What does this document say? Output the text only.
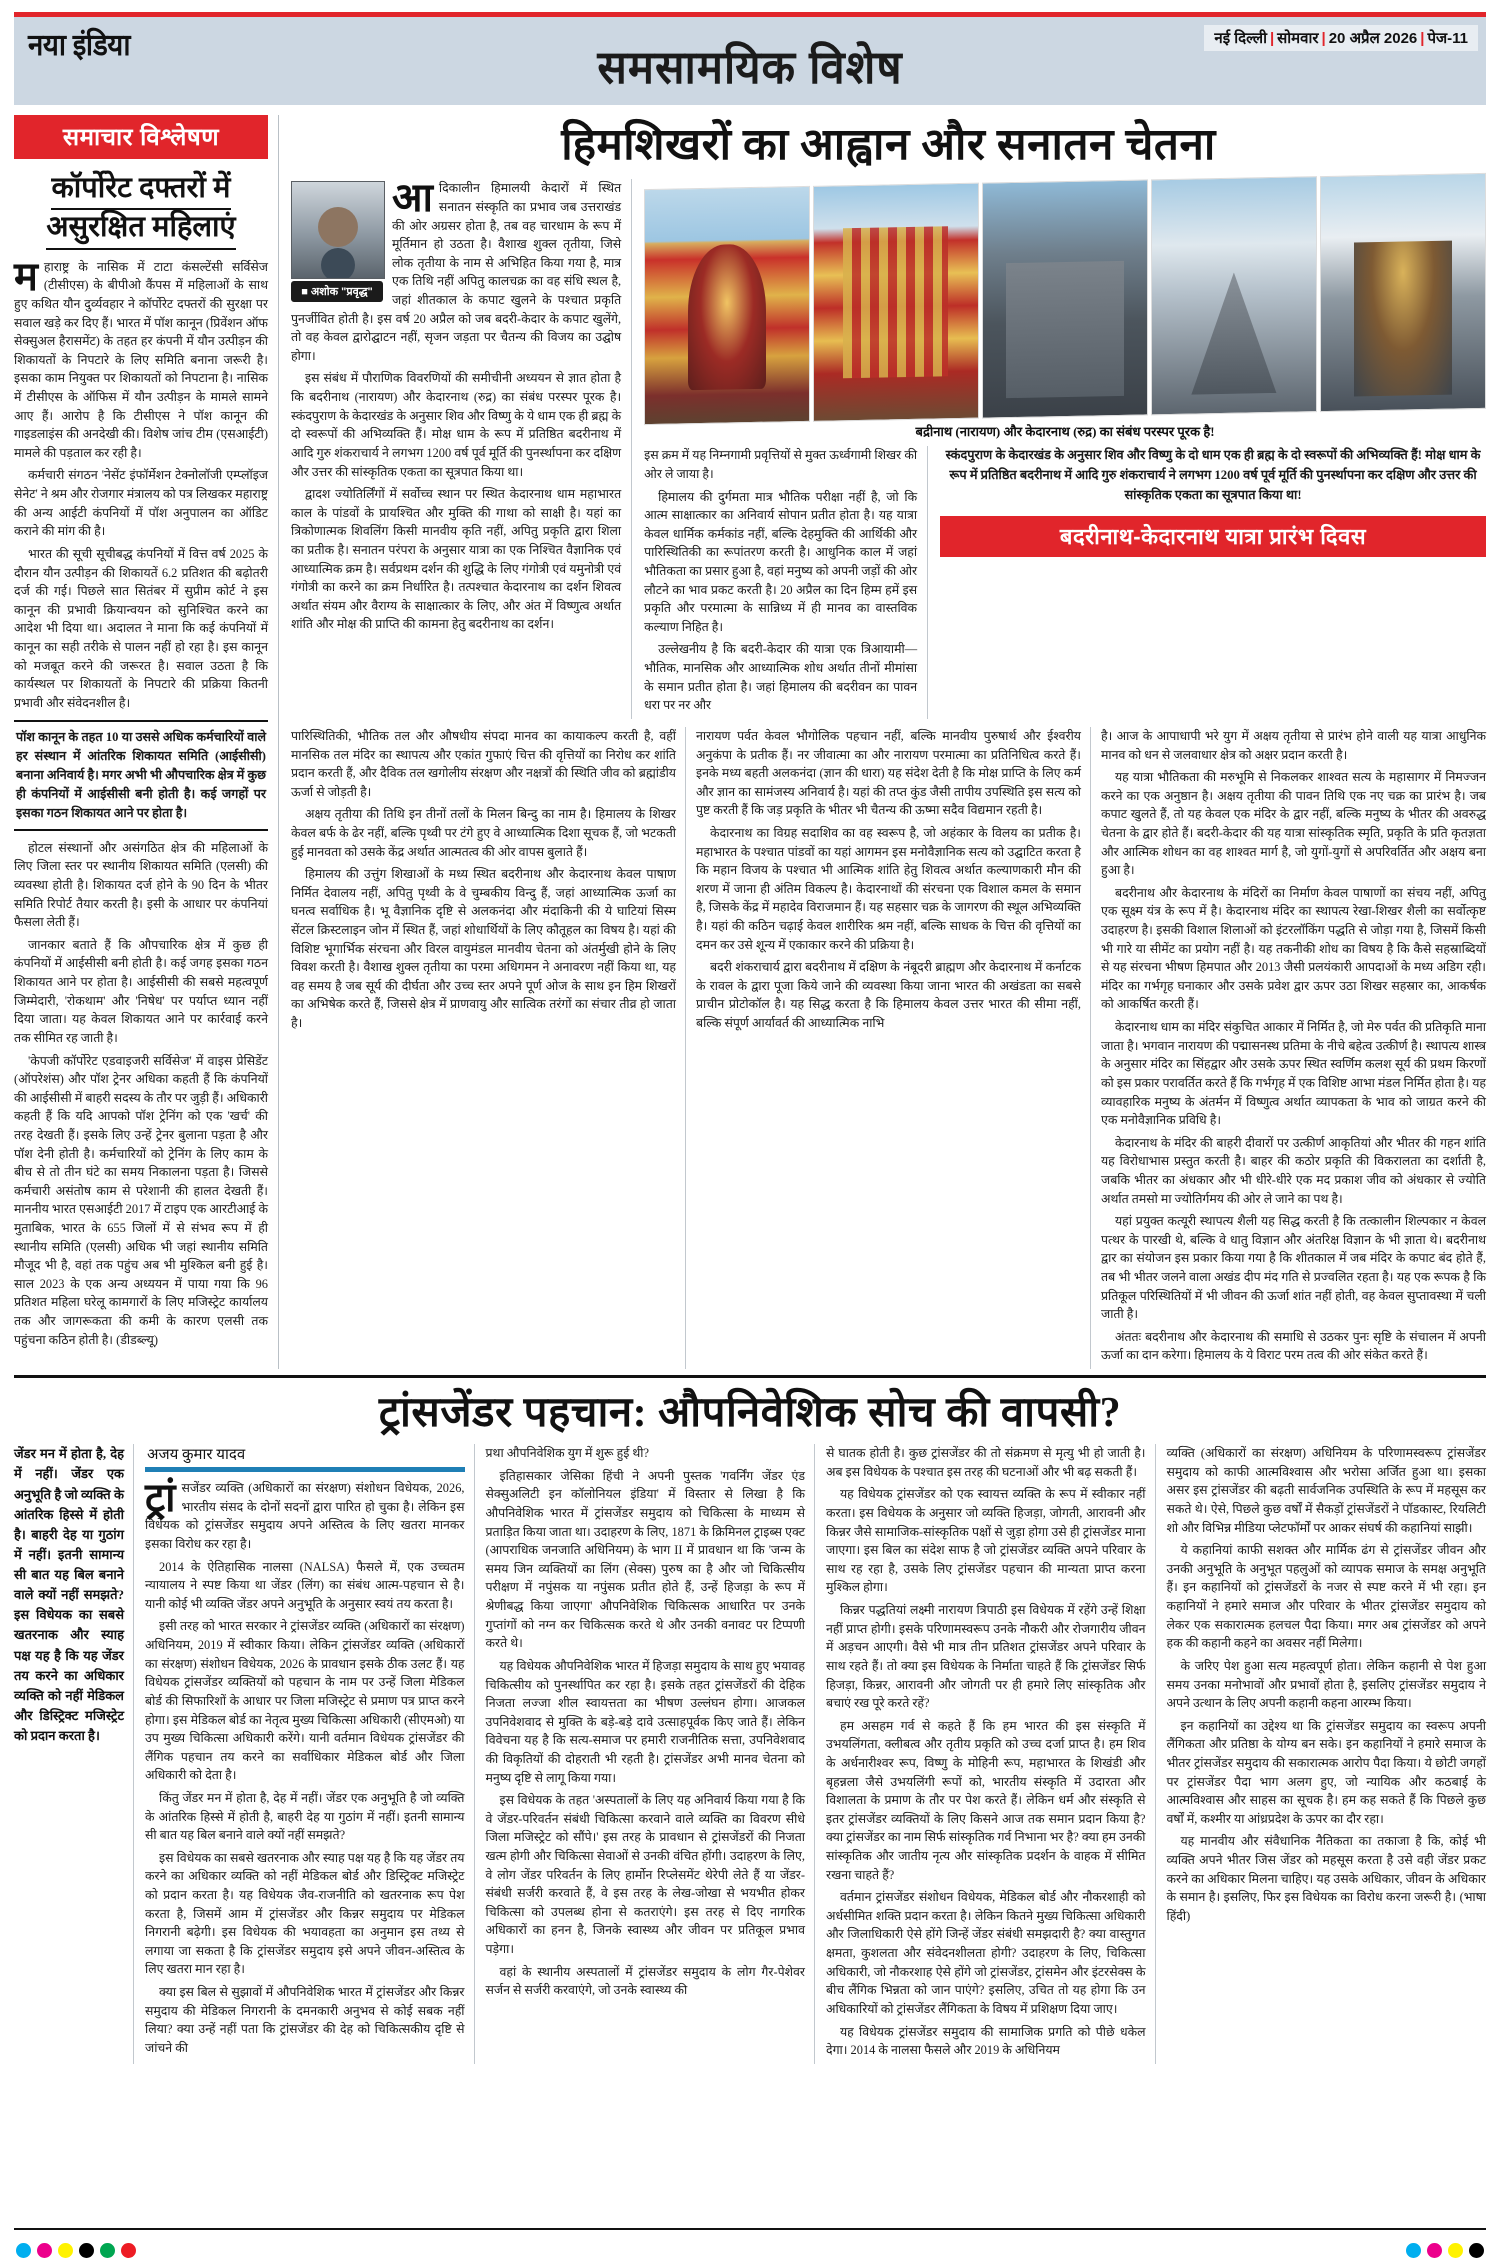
नया इंडिया	नई दिल्ली | सोमवार | 20 अप्रैल 2026 | पेज-11
समसामयिक विशेष
समाचार विश्लेषण
कॉर्पोरेट दफ्तरों में
असुरक्षित महिलाएं

महाराष्ट्र के नासिक में टाटा कंसल्टेंसी सर्विसेज (टीसीएस) के बीपीओ कैंपस में महिलाओं के साथ हुए कथित यौन दुर्व्यवहार ने कॉर्पोरेट दफ्तरों की सुरक्षा पर सवाल खड़े कर दिए हैं। भारत में पॉश कानून (प्रिवेंशन ऑफ सेक्सुअल हैरासमेंट) के तहत हर कंपनी में यौन उत्पीड़न की शिकायतों के निपटारे के लिए समिति बनाना जरूरी है। इसका काम नियुक्त पर शिकायतों को निपटाना है। नासिक में टीसीएस के ऑफिस में यौन उत्पीड़न के मामले सामने आए हैं। आरोप है कि टीसीएस ने पॉश कानून की गाइडलाइंस की अनदेखी की। विशेष जांच टीम (एसआईटी) मामले की पड़ताल कर रही है।

कर्मचारी संगठन 'नेसेंट इंफॉर्मेशन टेक्नोलॉजी एम्प्लॉइज सेनेट' ने श्रम और रोजगार मंत्रालय को पत्र लिखकर महाराष्ट्र की अन्य आईटी कंपनियों में पॉश अनुपालन का ऑडिट कराने की मांग की है।

भारत की सूची सूचीबद्ध कंपनियों में वित्त वर्ष 2025 के दौरान यौन उत्पीड़न की शिकायतें 6.2 प्रतिशत की बढ़ोतरी दर्ज की गई। पिछले सात सितंबर में सुप्रीम कोर्ट ने इस कानून की प्रभावी क्रियान्वयन को सुनिश्चित करने का आदेश भी दिया था। अदालत ने माना कि कई कंपनियों में कानून का सही तरीके से पालन नहीं हो रहा है। इस कानून को मजबूत करने की जरूरत है। सवाल उठता है कि कार्यस्थल पर शिकायतों के निपटारे की प्रक्रिया कितनी प्रभावी और संवेदनशील है।

पॉश कानून के तहत 10 या उससे अधिक कर्मचारियों वाले हर संस्थान में आंतरिक शिकायत समिति (आईसीसी) बनाना अनिवार्य है। मगर अभी भी औपचारिक क्षेत्र में कुछ ही कंपनियों में आईसीसी बनी होती है। कई जगहों पर इसका गठन शिकायत आने पर होता है।

होटल संस्थानों और असंगठित क्षेत्र की महिलाओं के लिए जिला स्तर पर स्थानीय शिकायत समिति (एलसी) की व्यवस्था होती है। शिकायत दर्ज होने के 90 दिन के भीतर समिति रिपोर्ट तैयार करती है। इसी के आधार पर कंपनियां फैसला लेती हैं।

जानकार बताते हैं कि औपचारिक क्षेत्र में कुछ ही कंपनियों में आईसीसी बनी होती है। कई जगह इसका गठन शिकायत आने पर होता है। आईसीसी की सबसे महत्वपूर्ण जिम्मेदारी, 'रोकथाम' और 'निषेध' पर पर्याप्त ध्यान नहीं दिया जाता। यह केवल शिकायत आने पर कार्रवाई करने तक सीमित रह जाती है।

'केपजी कॉर्पोरेट एडवाइजरी सर्विसेज' में वाइस प्रेसिडेंट (ऑपरेशंस) और पॉश ट्रेनर अधिका कहती हैं कि कंपनियों की आईसीसी में बाहरी सदस्य के तौर पर जुड़ी हैं। अधिकारी कहती हैं कि यदि आपको पॉश ट्रेनिंग को एक 'खर्च' की तरह देखती हैं। इसके लिए उन्हें ट्रेनर बुलाना पड़ता है और पॉश देनी होती है। कर्मचारियों को ट्रेनिंग के लिए काम के बीच से तो तीन घंटे का समय निकालना पड़ता है। जिससे कर्मचारी असंतोष काम से परेशानी की हालत देखती हैं। माननीय भारत एसआईटी 2017 में टाइप एक आरटीआई के मुताबिक, भारत के 655 जिलों में से संभव रूप में ही स्थानीय समिति (एलसी) अधिक भी जहां स्थानीय समिति मौजूद भी है, वहां तक पहुंच अब भी मुश्किल बनी हुई है। साल 2023 के एक अन्य अध्ययन में पाया गया कि 96 प्रतिशत महिला घरेलू कामगारों के लिए मजिस्ट्रेट कार्यालय तक और जागरूकता की कमी के कारण एलसी तक पहुंचना कठिन होती है। (डीडब्ल्यू)

हिमशिखरों का आह्वान और सनातन चेतना
■ अशोक "प्रवृद्ध"

आदिकालीन हिमालयी केदारों में स्थित सनातन संस्कृति का प्रभाव जब उत्तराखंड की ओर अग्रसर होता है, तब वह चारधाम के रूप में मूर्तिमान हो उठता है। वैशाख शुक्ल तृतीया, जिसे लोक तृतीया के नाम से अभिहित किया गया है, मात्र एक तिथि नहीं अपितु कालचक्र का वह संधि स्थल है, जहां शीतकाल के कपाट खुलने के पश्चात प्रकृति पुनर्जीवित होती है। इस वर्ष 20 अप्रैल को जब बदरी-केदार के कपाट खुलेंगे, तो वह केवल द्वारोद्घाटन नहीं, सृजन जड़ता पर चैतन्य की विजय का उद्घोष होगा।

इस संबंध में पौराणिक विवरणियों की समीचीनी अध्ययन से ज्ञात होता है कि बदरीनाथ (नारायण) और केदारनाथ (रुद्र) का संबंध परस्पर पूरक है। स्कंदपुराण के केदारखंड के अनुसार शिव और विष्णु के ये धाम एक ही ब्रह्म के दो स्वरूपों की अभिव्यक्ति हैं। मोक्ष धाम के रूप में प्रतिष्ठित बदरीनाथ में आदि गुरु शंकराचार्य ने लगभग 1200 वर्ष पूर्व मूर्ति की पुनर्स्थापना कर दक्षिण और उत्तर की सांस्कृतिक एकता का सूत्रपात किया था।

द्वादश ज्योतिर्लिंगों में सर्वोच्च स्थान पर स्थित केदारनाथ धाम महाभारत काल के पांडवों के प्रायश्चित और मुक्ति की गाथा को साक्षी है। यहां का त्रिकोणात्मक शिवलिंग किसी मानवीय कृति नहीं, अपितु प्रकृति द्वारा शिला का प्रतीक है। सनातन परंपरा के अनुसार यात्रा का एक निश्चित वैज्ञानिक एवं आध्यात्मिक क्रम है। सर्वप्रथम दर्शन की शुद्धि के लिए गंगोत्री एवं यमुनोत्री एवं गंगोत्री का करने का क्रम निर्धारित है। तत्पश्चात केदारनाथ का दर्शन शिवत्व अर्थात संयम और वैराग्य के साक्षात्कार के लिए, और अंत में विष्णुत्व अर्थात शांति और मोक्ष की प्राप्ति की कामना हेतु बदरीनाथ का दर्शन।

बद्रीनाथ (नारायण) और केदारनाथ (रुद्र) का संबंध परस्पर पूरक है!

इस क्रम में यह निम्नगामी प्रवृत्तियों से मुक्त ऊर्ध्वगामी शिखर की ओर ले जाया है।

हिमालय की दुर्गमता मात्र भौतिक परीक्षा नहीं है, जो कि आत्म साक्षात्कार का अनिवार्य सोपान प्रतीत होता है। यह यात्रा केवल धार्मिक कर्मकांड नहीं, बल्कि देहमुक्ति की आर्थिकी और पारिस्थितिकी का रूपांतरण करती है। आधुनिक काल में जहां भौतिकता का प्रसार हुआ है, वहां मनुष्य को अपनी जड़ों की ओर लौटने का भाव प्रकट करती है। 20 अप्रैल का दिन हिम्म हमें इस प्रकृति और परमात्मा के सान्निध्य में ही मानव का वास्तविक कल्याण निहित है।

उल्लेखनीय है कि बदरी-केदार की यात्रा एक त्रिआयामी—भौतिक, मानसिक और आध्यात्मिक शोध अर्थात तीनों मीमांसा के समान प्रतीत होता है। जहां हिमालय की बदरीवन का पावन धरा पर नर और

स्कंदपुराण के केदारखंड के अनुसार शिव और विष्णु के दो धाम एक ही ब्रह्म के दो स्वरूपों की अभिव्यक्ति हैं! मोक्ष धाम के रूप में प्रतिष्ठित बदरीनाथ में आदि गुरु शंकराचार्य ने लगभग 1200 वर्ष पूर्व मूर्ति की पुनर्स्थापना कर दक्षिण और उत्तर की सांस्कृतिक एकता का सूत्रपात किया था!
बदरीनाथ-केदारनाथ यात्रा प्रारंभ दिवस

पारिस्थितिकी, भौतिक तल और औषधीय संपदा मानव का कायाकल्प करती है, वहीं मानसिक तल मंदिर का स्थापत्य और एकांत गुफाएं चित्त की वृत्तियों का निरोध कर शांति प्रदान करती हैं, और दैविक तल खगोलीय संरक्षण और नक्षत्रों की स्थिति जीव को ब्रह्मांडीय ऊर्जा से जोड़ती है।

अक्षय तृतीया की तिथि इन तीनों तलों के मिलन बिन्दु का नाम है। हिमालय के शिखर केवल बर्फ के ढेर नहीं, बल्कि पृथ्वी पर टंगे हुए वे आध्यात्मिक दिशा सूचक हैं, जो भटकती हुई मानवता को उसके केंद्र अर्थात आत्मतत्व की ओर वापस बुलाते हैं।

हिमालय की उत्तुंग शिखाओं के मध्य स्थित बदरीनाथ और केदारनाथ केवल पाषाण निर्मित देवालय नहीं, अपितु पृथ्वी के वे चुम्बकीय विन्दु हैं, जहां आध्यात्मिक ऊर्जा का घनत्व सर्वाधिक है। भू वैज्ञानिक दृष्टि से अलकनंदा और मंदाकिनी की ये घाटियां सिस्म सेंटल क्रिस्टलाइन जोन में स्थित हैं, जहां शोधार्थियों के लिए कौतूहल का विषय है। यहां की विशिष्ट भूगार्भिक संरचना और विरल वायुमंडल मानवीय चेतना को अंतर्मुखी होने के लिए विवश करती है। वैशाख शुक्ल तृतीया का परमा अधिगमन ने अनावरण नहीं किया था, यह वह समय है जब सूर्य की दीर्घता और उच्च स्तर अपने पूर्ण ओज के साथ इन हिम शिखरों का अभिषेक करते हैं, जिससे क्षेत्र में प्राणवायु और सात्विक तरंगों का संचार तीव्र हो जाता है।

नारायण पर्वत केवल भौगोलिक पहचान नहीं, बल्कि मानवीय पुरुषार्थ और ईश्वरीय अनुकंपा के प्रतीक हैं। नर जीवात्मा का और नारायण परमात्मा का प्रतिनिधित्व करते हैं। इनके मध्य बहती अलकनंदा (ज्ञान की धारा) यह संदेश देती है कि मोक्ष प्राप्ति के लिए कर्म और ज्ञान का सामंजस्य अनिवार्य है। यहां की तप्त कुंड जैसी तापीय उपस्थिति इस सत्य को पुष्ट करती हैं कि जड़ प्रकृति के भीतर भी चैतन्य की ऊष्मा सदैव विद्यमान रहती है।

केदारनाथ का विग्रह सदाशिव का वह स्वरूप है, जो अहंकार के विलय का प्रतीक है। महाभारत के पश्चात पांडवों का यहां आगमन इस मनोवैज्ञानिक सत्य को उद्घाटित करता है कि महान विजय के पश्चात भी आत्मिक शांति हेतु शिवत्व अर्थात कल्याणकारी मौन की शरण में जाना ही अंतिम विकल्प है। केदारनाथों की संरचना एक विशाल कमल के समान है, जिसके केंद्र में महादेव विराजमान हैं। यह सहसार चक्र के जागरण की स्थूल अभिव्यक्ति है। यहां की कठिन चढ़ाई केवल शारीरिक श्रम नहीं, बल्कि साधक के चित्त की वृत्तियों का दमन कर उसे शून्य में एकाकार करने की प्रक्रिया है।

बदरी शंकराचार्य द्वारा बदरीनाथ में दक्षिण के नंबूदरी ब्राह्मण और केदारनाथ में कर्नाटक के रावल के द्वारा पूजा किये जाने की व्यवस्था किया जाना भारत की अखंडता का सबसे प्राचीन प्रोटोकॉल है। यह सिद्ध करता है कि हिमालय केवल उत्तर भारत की सीमा नहीं, बल्कि संपूर्ण आर्यावर्त की आध्यात्मिक नाभि

है। आज के आपाधापी भरे युग में अक्षय तृतीया से प्रारंभ होने वाली यह यात्रा आधुनिक मानव को धन से जलवाधार क्षेत्र को अक्षर प्रदान करती है।

यह यात्रा भौतिकता की मरुभूमि से निकलकर शाश्वत सत्य के महासागर में निमज्जन करने का एक अनुष्ठान है। अक्षय तृतीया की पावन तिथि एक नए चक्र का प्रारंभ है। जब कपाट खुलते हैं, तो यह केवल एक मंदिर के द्वार नहीं, बल्कि मनुष्य के भीतर की अवरुद्ध चेतना के द्वार होते हैं। बदरी-केदार की यह यात्रा सांस्कृतिक स्मृति, प्रकृति के प्रति कृतज्ञता और आत्मिक शोधन का वह शाश्वत मार्ग है, जो युगों-युगों से अपरिवर्तित और अक्षय बना हुआ है।

बदरीनाथ और केदारनाथ के मंदिरों का निर्माण केवल पाषाणों का संचय नहीं, अपितु एक सूक्ष्म यंत्र के रूप में है। केदारनाथ मंदिर का स्थापत्य रेखा-शिखर शैली का सर्वोत्कृष्ट उदाहरण है। इसकी विशाल शिलाओं को इंटरलॉकिंग पद्धति से जोड़ा गया है, जिसमें किसी भी गारे या सीमेंट का प्रयोग नहीं है। यह तकनीकी शोध का विषय है कि कैसे सहस्राब्दियों से यह संरचना भीषण हिमपात और 2013 जैसी प्रलयंकारी आपदाओं के मध्य अडिग रही। मंदिर का गर्भगृह घनाकार और उसके प्रवेश द्वार ऊपर उठा शिखर सहस्रार का, आकर्षक को आकर्षित करती हैं।

केदारनाथ धाम का मंदिर संकुचित आकार में निर्मित है, जो मेरु पर्वत की प्रतिकृति माना जाता है। भगवान नारायण की पद्मासनस्थ प्रतिमा के नीचे बहेत्व उत्कीर्ण है। स्थापत्य शास्त्र के अनुसार मंदिर का सिंहद्वार और उसके ऊपर स्थित स्वर्णिम कलश सूर्य की प्रथम किरणों को इस प्रकार परावर्तित करते हैं कि गर्भगृह में एक विशिष्ट आभा मंडल निर्मित होता है। यह व्यावहारिक मनुष्य के अंतर्मन में विष्णुत्व अर्थात व्यापकता के भाव को जाग्रत करने की एक मनोवैज्ञानिक प्रविधि है।

केदारनाथ के मंदिर की बाहरी दीवारों पर उत्कीर्ण आकृतियां और भीतर की गहन शांति यह विरोधाभास प्रस्तुत करती है। बाहर की कठोर प्रकृति की विकरालता का दर्शाती है, जबकि भीतर का अंधकार और भी धीरे-धीरे एक मद प्रकाश जीव को अंधकार से ज्योति अर्थात तमसो मा ज्योतिर्गमय की ओर ले जाने का पथ है।

यहां प्रयुक्त कत्यूरी स्थापत्य शैली यह सिद्ध करती है कि तत्कालीन शिल्पकार न केवल पत्थर के पारखी थे, बल्कि वे धातु विज्ञान और अंतरिक्ष विज्ञान के भी ज्ञाता थे। बदरीनाथ द्वार का संयोजन इस प्रकार किया गया है कि शीतकाल में जब मंदिर के कपाट बंद होते हैं, तब भी भीतर जलने वाला अखंड दीप मंद गति से प्रज्वलित रहता है। यह एक रूपक है कि प्रतिकूल परिस्थितियों में भी जीवन की ऊर्जा शांत नहीं होती, वह केवल सुप्तावस्था में चली जाती है।

अंततः बदरीनाथ और केदारनाथ की समाधि से उठकर पुनः सृष्टि के संचालन में अपनी ऊर्जा का दान करेगा। हिमालय के ये विराट परम तत्व की ओर संकेत करते हैं।

ट्रांसजेंडर पहचान: औपनिवेशिक सोच की वापसी?
जेंडर मन में होता है, देह में नहीं। जेंडर एक अनुभूति है जो व्यक्ति के आंतरिक हिस्से में होती है। बाहरी देह या गुठांग में नहीं। इतनी सामान्य सी बात यह बिल बनाने वाले क्यों नहीं समझते? इस विधेयक का सबसे खतरनाक और स्याह पक्ष यह है कि यह जेंडर तय करने का अधिकार व्यक्ति को नहीं मेडिकल और डिस्ट्रिक्ट मजिस्ट्रेट को प्रदान करता है।
अजय कुमार यादव

ट्रां सजेंडर व्यक्ति (अधिकारों का संरक्षण) संशोधन विधेयक, 2026, भारतीय संसद के दोनों सदनों द्वारा पारित हो चुका है। लेकिन इस विधेयक को ट्रांसजेंडर समुदाय अपने अस्तित्व के लिए खतरा मानकर इसका विरोध कर रहा है।

2014 के ऐतिहासिक नालसा (NALSA) फैसले में, एक उच्चतम न्यायालय ने स्पष्ट किया था जेंडर (लिंग) का संबंध आत्म-पहचान से है। यानी कोई भी व्यक्ति जेंडर अपने अनुभूति के अनुसार स्वयं तय करता है।

इसी तरह को भारत सरकार ने ट्रांसजेंडर व्यक्ति (अधिकारों का संरक्षण) अधिनियम, 2019 में स्वीकार किया। लेकिन ट्रांसजेंडर व्यक्ति (अधिकारों का संरक्षण) संशोधन विधेयक, 2026 के प्रावधान इसके ठीक उलट हैं। यह विधेयक ट्रांसजेंडर व्यक्तियों को पहचान के नाम पर उन्हें जिला मेडिकल बोर्ड की सिफारिशों के आधार पर जिला मजिस्ट्रेट से प्रमाण पत्र प्राप्त करने होगा। इस मेडिकल बोर्ड का नेतृत्व मुख्य चिकित्सा अधिकारी (सीएमओ) या उप मुख्य चिकित्सा अधिकारी करेंगे। यानी वर्तमान विधेयक ट्रांसजेंडर की लैंगिक पहचान तय करने का सर्वाधिकार मेडिकल बोर्ड और जिला अधिकारी को देता है।

किंतु जेंडर मन में होता है, देह में नहीं। जेंडर एक अनुभूति है जो व्यक्ति के आंतरिक हिस्से में होती है, बाहरी देह या गुठांग में नहीं। इतनी सामान्य सी बात यह बिल बनाने वाले क्यों नहीं समझते?

इस विधेयक का सबसे खतरनाक और स्याह पक्ष यह है कि यह जेंडर तय करने का अधिकार व्यक्ति को नहीं मेडिकल बोर्ड और डिस्ट्रिक्ट मजिस्ट्रेट को प्रदान करता है। यह विधेयक जैव-राजनीति को खतरनाक रूप पेश करता है, जिसमें आम में ट्रांसजेंडर और किन्नर समुदाय पर मेडिकल निगरानी बढ़ेगी। इस विधेयक की भयावहता का अनुमान इस तथ्य से लगाया जा सकता है कि ट्रांसजेंडर समुदाय इसे अपने जीवन-अस्तित्व के लिए खतरा मान रहा है।

क्या इस बिल से सुझावों में औपनिवेशिक भारत में ट्रांसजेंडर और किन्नर समुदाय की मेडिकल निगरानी के दमनकारी अनुभव से कोई सबक नहीं लिया? क्या उन्हें नहीं पता कि ट्रांसजेंडर की देह को चिकित्सकीय दृष्टि से जांचने की

प्रथा औपनिवेशिक युग में शुरू हुई थी?

इतिहासकार जेसिका हिंची ने अपनी पुस्तक 'गवर्निंग जेंडर एंड सेक्सुअलिटी इन कॉलोनियल इंडिया' में विस्तार से लिखा है कि औपनिवेशिक भारत में ट्रांसजेंडर समुदाय को चिकित्सा के माध्यम से प्रताड़ित किया जाता था। उदाहरण के लिए, 1871 के क्रिमिनल ट्राइब्स एक्ट (आपराधिक जनजाति अधिनियम) के भाग II में प्रावधान था कि 'जन्म के समय जिन व्यक्तियों का लिंग (सेक्स) पुरुष का है और जो चिकित्सीय परीक्षण में नपुंसक या नपुंसक प्रतीत होते हैं, उन्हें हिजड़ा के रूप में श्रेणीबद्ध किया जाएगा' औपनिवेशिक चिकित्सक आधारित पर उनके गुप्तांगों को नग्न कर चिकित्सक करते थे और उनकी वनावट पर टिप्पणी करते थे।

यह विधेयक औपनिवेशिक भारत में हिजड़ा समुदाय के साथ हुए भयावह चिकित्सीय को पुनर्स्थापित कर रहा है। इसके तहत ट्रांसजेंडरों की देहिक निजता लज्जा शील स्वायत्तता का भीषण उल्लंघन होगा। आजकल उपनिवेशवाद से मुक्ति के बड़े-बड़े दावे उत्साहपूर्वक किए जाते हैं। लेकिन विवेचना यह है कि सत्य-समाज पर हमारी राजनीतिक सत्ता, उपनिवेशवाद की विकृतियों की दोहराती भी रहती है। ट्रांसजेंडर अभी मानव चेतना को मनुष्य दृष्टि से लागू किया गया।

इस विधेयक के तहत 'अस्पतालों के लिए यह अनिवार्य किया गया है कि वे जेंडर-परिवर्तन संबंधी चिकित्सा करवाने वाले व्यक्ति का विवरण सीधे जिला मजिस्ट्रेट को सौंपे।' इस तरह के प्रावधान से ट्रांसजेंडरों की निजता खत्म होगी और चिकित्सा सेवाओं से उनकी वंचित होंगी। उदाहरण के लिए, वे लोग जेंडर परिवर्तन के लिए हार्मोन रिप्लेसमेंट थेरेपी लेते हैं या जेंडर-संबंधी सर्जरी करवाते हैं, वे इस तरह के लेख-जोखा से भयभीत होकर चिकित्सा को उपलब्ध होना से कतराएंगे। इस तरह से दिए नागरिक अधिकारों का हनन है, जिनके स्वास्थ्य और जीवन पर प्रतिकूल प्रभाव पड़ेगा।

वहां के स्थानीय अस्पतालों में ट्रांसजेंडर समुदाय के लोग गैर-पेशेवर सर्जन से सर्जरी करवाएंगे, जो उनके स्वास्थ्य की

से घातक होती है। कुछ ट्रांसजेंडर की तो संक्रमण से मृत्यु भी हो जाती है। अब इस विधेयक के पश्चात इस तरह की घटनाओं और भी बढ़ सकती हैं।

यह विधेयक ट्रांसजेंडर को एक स्वायत्त व्यक्ति के रूप में स्वीकार नहीं करता। इस विधेयक के अनुसार जो व्यक्ति हिजड़ा, जोगती, आरावनी और किन्नर जैसे सामाजिक-सांस्कृतिक पक्षों से जुड़ा होगा उसे ही ट्रांसजेंडर माना जाएगा। इस बिल का संदेश साफ है जो ट्रांसजेंडर व्यक्ति अपने परिवार के साथ रह रहा है, उसके लिए ट्रांसजेंडर पहचान की मान्यता प्राप्त करना मुश्किल होगा।

किन्नर पद्धतियां लक्ष्मी नारायण त्रिपाठी इस विधेयक में रहेंगे उन्हें शिक्षा नहीं प्राप्त होगी। इसके परिणामस्वरूप उनके नौकरी और रोजगारीय जीवन में अड़चन आएगी। वैसे भी मात्र तीन प्रतिशत ट्रांसजेंडर अपने परिवार के साथ रहते हैं। तो क्या इस विधेयक के निर्माता चाहते हैं कि ट्रांसजेंडर सिर्फ हिजड़ा, किन्नर, आरावनी और जोगती पर ही हमारे लिए सांस्कृतिक और बचाएं रख पूरे करते रहें?

हम असहम गर्व से कहते हैं कि हम भारत की इस संस्कृति में उभयलिंगता, क्लीबत्व और तृतीय प्रकृति को उच्च दर्जा प्राप्त है। हम शिव के अर्धनारीश्वर रूप, विष्णु के मोहिनी रूप, महाभारत के शिखंडी और बृहन्नला जैसे उभयलिंगी रूपों को, भारतीय संस्कृति में उदारता और विशालता के प्रमाण के तौर पर पेश करते हैं। लेकिन धर्म और संस्कृति से इतर ट्रांसजेंडर व्यक्तियों के लिए किसने आज तक समान प्रदान किया है? क्या ट्रांसजेंडर का नाम सिर्फ सांस्कृतिक गर्व निभाना भर है? क्या हम उनकी सांस्कृतिक और जातीय नृत्य और सांस्कृतिक प्रदर्शन के वाहक में सीमित रखना चाहते हैं?

वर्तमान ट्रांसजेंडर संशोधन विधेयक, मेडिकल बोर्ड और नौकरशाही को अर्धसीमित शक्ति प्रदान करता है। लेकिन कितने मुख्य चिकित्सा अधिकारी और जिलाधिकारी ऐसे होंगे जिन्हें जेंडर संबंधी समझदारी है? क्या वास्तुगत क्षमता, कुशलता और संवेदनशीलता होगी? उदाहरण के लिए, चिकित्सा अधिकारी, जो नौकरशाह ऐसे होंगे जो ट्रांसजेंडर, ट्रांसमेन और इंटरसेक्स के बीच लैंगिक भिन्नता को जान पाएंगे? इसलिए, उचित तो यह होगा कि उन अधिकारियों को ट्रांसजेंडर लैंगिकता के विषय में प्रशिक्षण दिया जाए।

यह विधेयक ट्रांसजेंडर समुदाय की सामाजिक प्रगति को पीछे धकेल देगा। 2014 के नालसा फैसले और 2019 के अधिनियम

व्यक्ति (अधिकारों का संरक्षण) अधिनियम के परिणामस्वरूप ट्रांसजेंडर समुदाय को काफी आत्मविश्वास और भरोसा अर्जित हुआ था। इसका असर इस ट्रांसजेंडर की बढ़ती सार्वजनिक उपस्थिति के रूप में महसूस कर सकते थे। ऐसे, पिछले कुछ वर्षों में सैकड़ों ट्रांसजेंडरों ने पॉडकास्ट, रियलिटी शो और विभिन्न मीडिया प्लेटफॉर्मों पर आकर संघर्ष की कहानियां साझी।

ये कहानियां काफी सशक्त और मार्मिक ढंग से ट्रांसजेंडर जीवन और उनकी अनुभूति के अनुभूत पहलुओं को व्यापक समाज के समक्ष अनुभूति हैं। इन कहानियों को ट्रांसजेंडरों के नजर से स्पष्ट करने में भी रहा। इन कहानियों ने हमारे समाज और परिवार के भीतर ट्रांसजेंडर समुदाय को लेकर एक सकारात्मक हलचल पैदा किया। मगर अब ट्रांसजेंडर को अपने हक की कहानी कहने का अवसर नहीं मिलेगा।

के जरिए पेश हुआ सत्य महत्वपूर्ण होता। लेकिन कहानी से पेश हुआ समय उनका मनोभावों और प्रभावों होता है, इसलिए ट्रांसजेंडर समुदाय ने अपने उत्थान के लिए अपनी कहानी कहना आरम्भ किया।

इन कहानियों का उद्देश्य था कि ट्रांसजेंडर समुदाय का स्वरूप अपनी लैंगिकता और प्रतिष्ठा के योग्य बन सके। इन कहानियों ने हमारे समाज के भीतर ट्रांसजेंडर समुदाय की सकारात्मक आरोप पैदा किया। ये छोटी जगहों पर ट्रांसजेंडर पैदा भाग अलग हुए, जो न्यायिक और कठबाई के आत्मविश्वास और साहस का सूचक है। हम कह सकते हैं कि पिछले कुछ वर्षों में, कश्मीर या आंध्रप्रदेश के ऊपर का दौर रहा।

यह मानवीय और संवैधानिक नैतिकता का तकाजा है कि, कोई भी व्यक्ति अपने भीतर जिस जेंडर को महसूस करता है उसे वही जेंडर प्रकट करने का अधिकार मिलना चाहिए। यह उसके अधिकार, जीवन के अधिकार के समान है। इसलिए, फिर इस विधेयक का विरोध करना जरूरी है। (भाषा हिंदी)
